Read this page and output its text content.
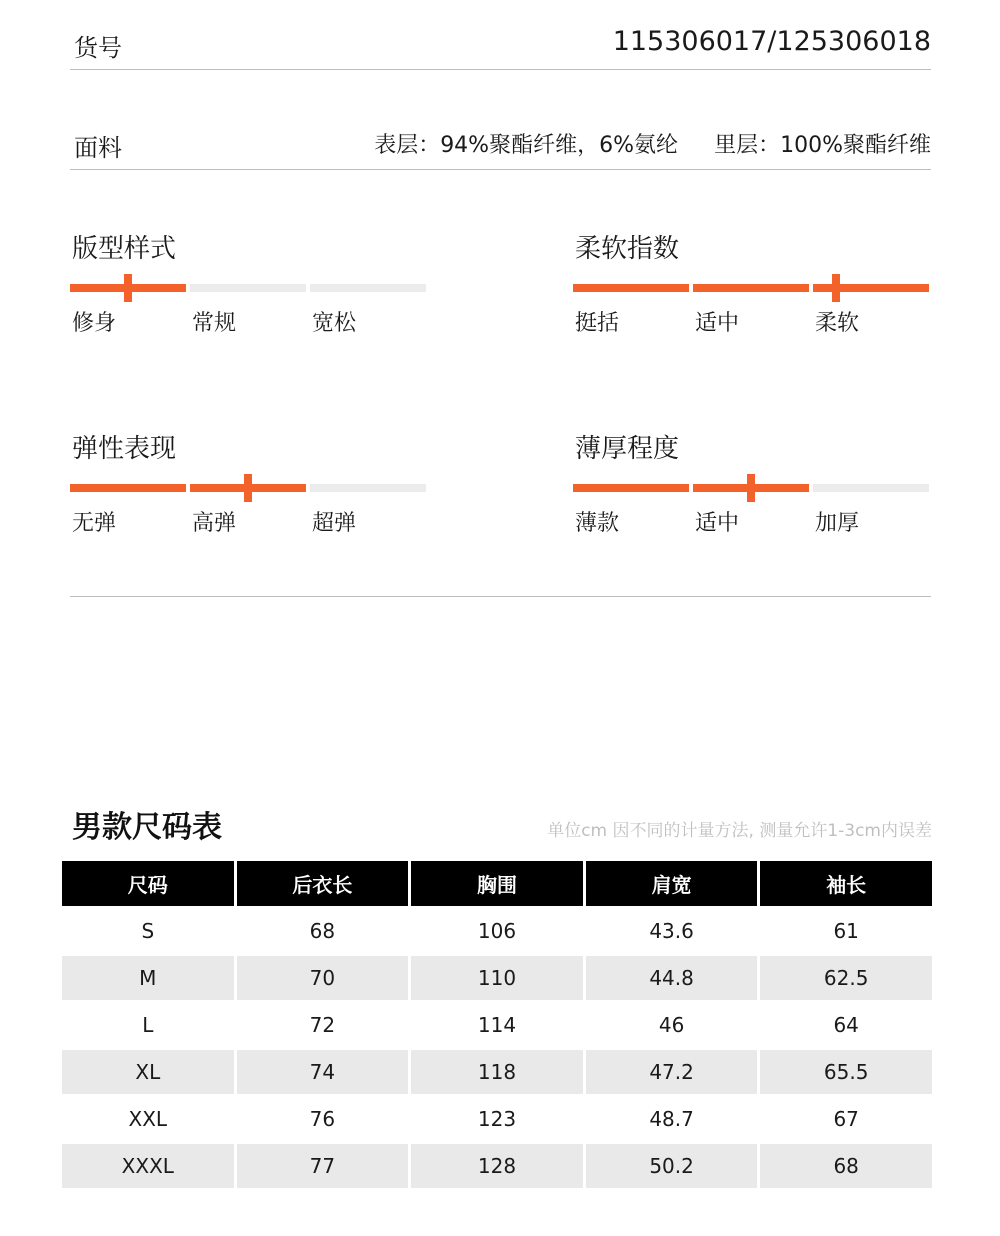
货号	115306017/125306018
面料	表层：94%聚酯纤维，6%氨纶 里层：100%聚酯纤维
版型样式
修身	常规	宽松
柔软指数
挺括	适中	柔软
弹性表现
无弹	高弹	超弹
薄厚程度
薄款	适中	加厚
男款尺码表	单位cm 因不同的计量方法, 测量允许1-3cm内误差
尺码	后衣长	胸围	肩宽	袖长
S	68	106	43.6	61
M	70	110	44.8	62.5
L	72	114	46	64
XL	74	118	47.2	65.5
XXL	76	123	48.7	67
XXXL	77	128	50.2	68
